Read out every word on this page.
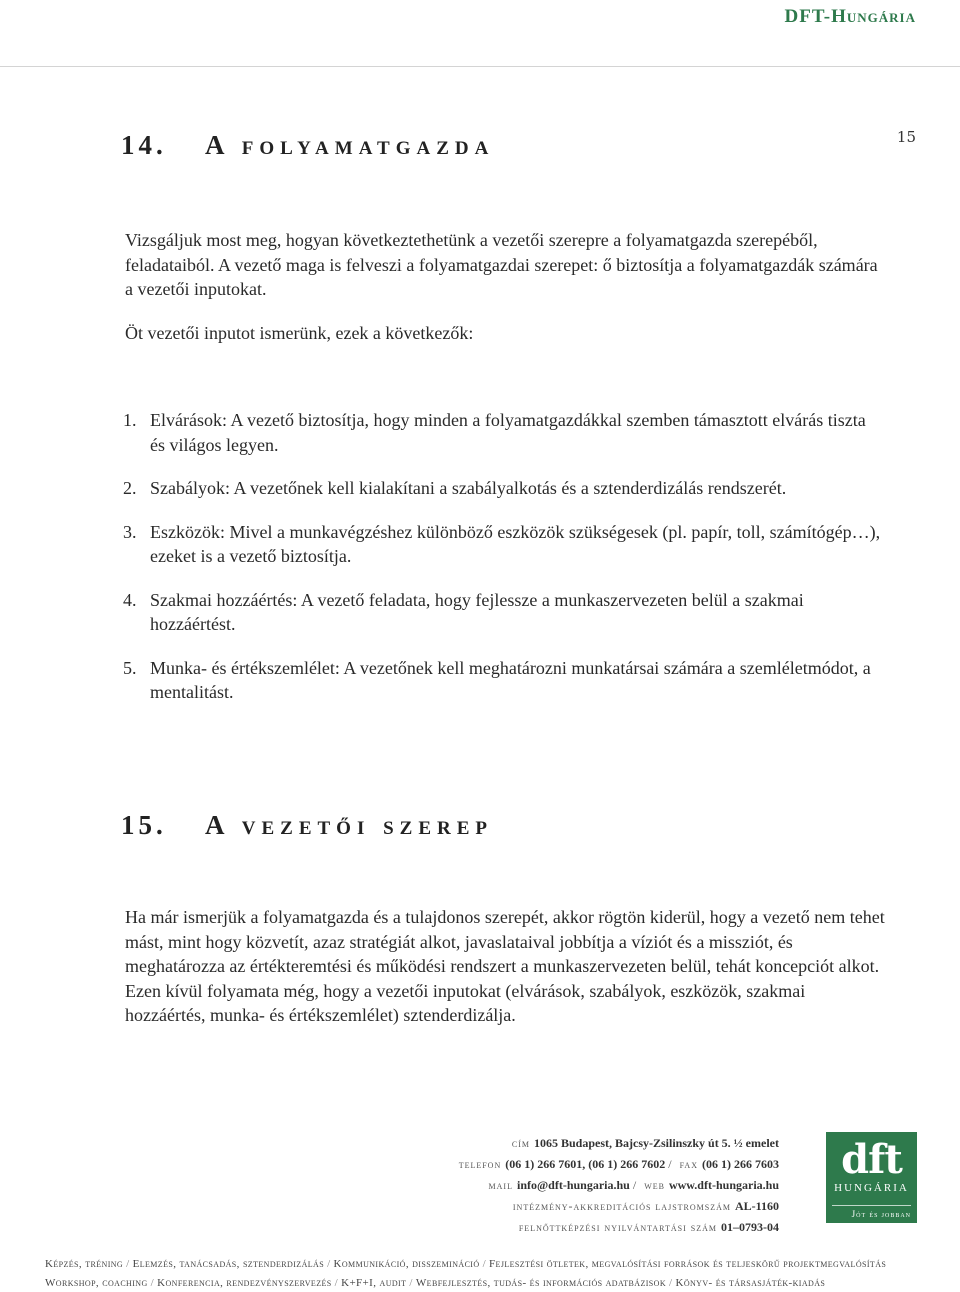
DFT-Hungária
15
14. A folyamatgazda

Vizsgáljuk most meg, hogyan következtethetünk a vezetői szerepre a folyamatgazda szerepéből, feladataiból. A vezető maga is felveszi a folyamatgazdai szerepet: ő biztosítja a folyamatgazdák számára a vezetői inputokat.

Öt vezetői inputot ismerünk, ezek a következők:

1. Elvárások: A vezető biztosítja, hogy minden a folyamatgazdákkal szemben támasztott elvárás tiszta és világos legyen.
2. Szabályok: A vezetőnek kell kialakítani a szabályalkotás és a sztenderdizálás rendszerét.
3. Eszközök: Mivel a munkavégzéshez különböző eszközök szükségesek (pl. papír, toll, számítógép…), ezeket is a vezető biztosítja.
4. Szakmai hozzáértés: A vezető feladata, hogy fejlessze a munkaszervezeten belül a szakmai hozzáértést.
5. Munka- és értékszemlélet: A vezetőnek kell meghatározni munkatársai számára a szemléletmódot, a mentalitást.
15. A vezetői szerep

Ha már ismerjük a folyamatgazda és a tulajdonos szerepét, akkor rögtön kiderül, hogy a vezető nem tehet mást, mint hogy közvetít, azaz stratégiát alkot, javaslataival jobbítja a víziót és a missziót, és meghatározza az értékteremtési és működési rendszert a munkaszervezeten belül, tehát koncepciót alkot. Ezen kívül folyamata még, hogy a vezetői inputokat (elvárások, szabályok, eszközök, szakmai hozzáértés, munka- és értékszemlélet) sztenderdizálja.

cím 1065 Budapest, Bajcsy-Zsilinszky út 5. ½ emelet
telefon (06 1) 266 7601, (06 1) 266 7602 / fax (06 1) 266 7603
mail info@dft-hungaria.hu / web www.dft-hungaria.hu
intézmény-akkreditációs lajstromszám AL-1160
felnőttképzési nyilvántartási szám 01–0793-04
dft
HUNGÁRIA
Jót és jobban
Képzés, tréning / Elemzés, tanácsadás, sztenderdizálás / Kommunikáció, disszemináció / Fejlesztési ötletek, megvalósítási források és teljeskörű projektmegvalósítás
Workshop, coaching / Konferencia, rendezvényszervezés / K+F+I, audit / Webfejlesztés, tudás- és információs adatbázisok / Könyv- és társasjáték-kiadás
